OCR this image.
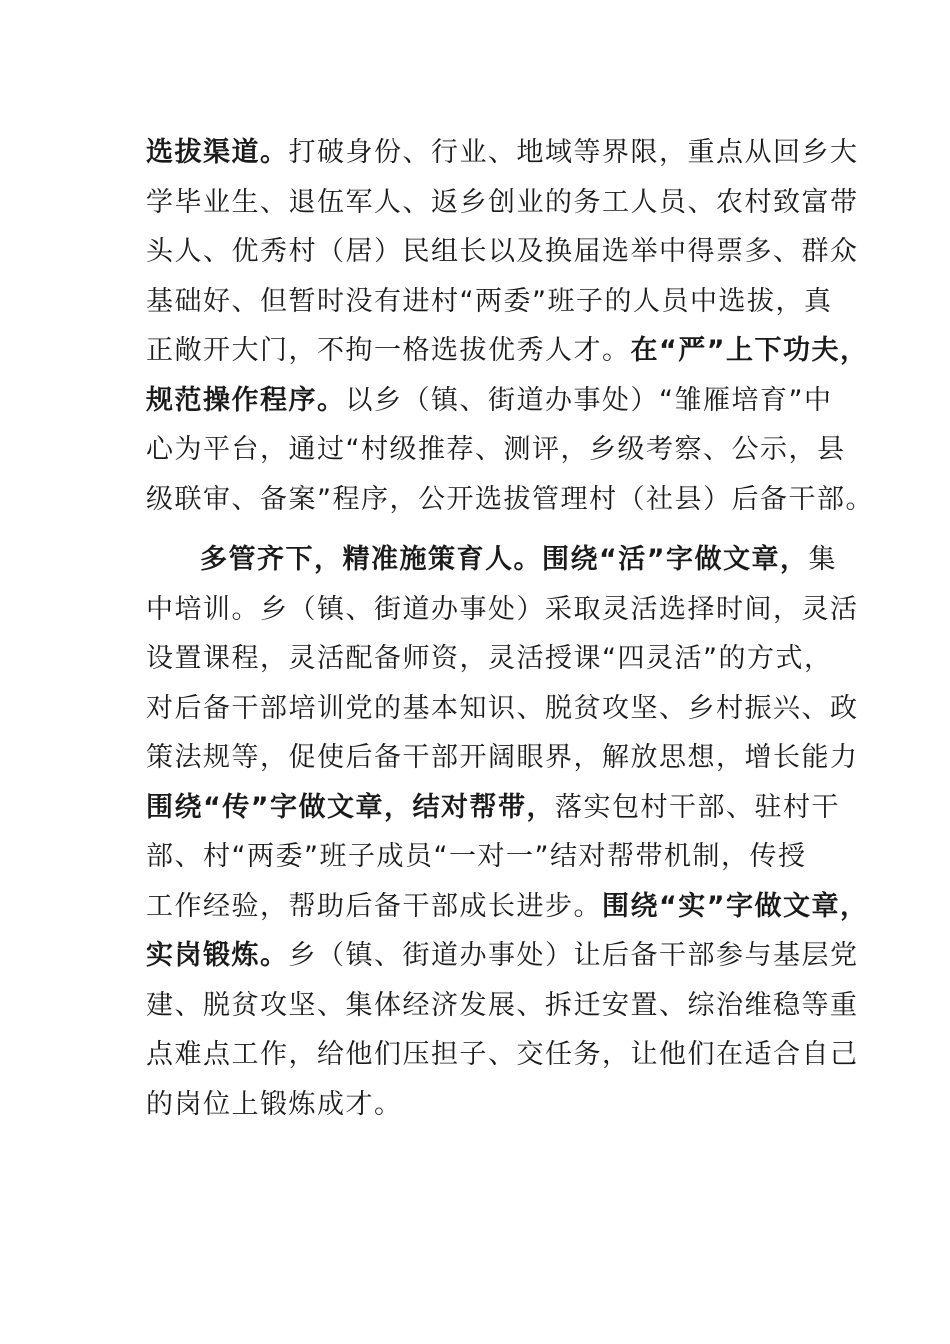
选拔渠道。打破身份、行业、地域等界限，重点从回乡大
学毕业生、退伍军人、返乡创业的务工人员、农村致富带
头人、优秀村（居）民组长以及换届选举中得票多、群众
基础好、但暂时没有进村“两委”班子的人员中选拔，真
正敞开大门，不拘一格选拔优秀人才。在“严”上下功夫，
规范操作程序。以乡（镇、街道办事处）“雏雁培育”中
心为平台，通过“村级推荐、测评，乡级考察、公示，县
级联审、备案”程序，公开选拔管理村（社县）后备干部。
多管齐下，精准施策育人。围绕“活”字做文章，集
中培训。乡（镇、街道办事处）采取灵活选择时间，灵活
设置课程，灵活配备师资，灵活授课“四灵活”的方式，
对后备干部培训党的基本知识、脱贫攻坚、乡村振兴、政
策法规等，促使后备干部开阔眼界，解放思想，增长能力
围绕“传”字做文章，结对帮带，落实包村干部、驻村干
部、村“两委”班子成员“一对一”结对帮带机制，传授
工作经验，帮助后备干部成长进步。围绕“实”字做文章，
实岗锻炼。乡（镇、街道办事处）让后备干部参与基层党
建、脱贫攻坚、集体经济发展、拆迁安置、综治维稳等重
点难点工作，给他们压担子、交任务，让他们在适合自己
的岗位上锻炼成才。
